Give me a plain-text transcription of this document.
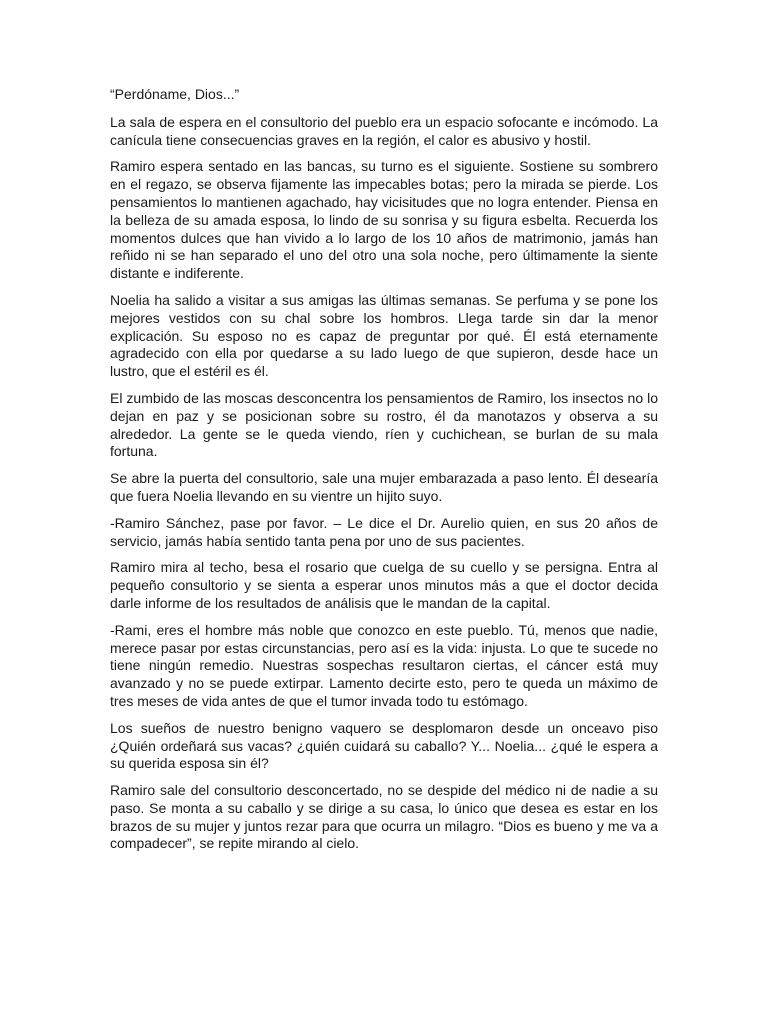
“Perdóname, Dios...”

La sala de espera en el consultorio del pueblo era un espacio sofocante e incómodo. La canícula tiene consecuencias graves en la región, el calor es abusivo y hostil.

Ramiro espera sentado en las bancas, su turno es el siguiente. Sostiene su sombrero en el regazo, se observa fijamente las impecables botas; pero la mirada se pierde. Los pensamientos lo mantienen agachado, hay vicisitudes que no logra entender. Piensa en la belleza de su amada esposa, lo lindo de su sonrisa y su figura esbelta. Recuerda los momentos dulces que han vivido a lo largo de los 10 años de matrimonio, jamás han reñido ni se han separado el uno del otro una sola noche, pero últimamente la siente distante e indiferente.

Noelia ha salido a visitar a sus amigas las últimas semanas. Se perfuma y se pone los mejores vestidos con su chal sobre los hombros. Llega tarde sin dar la menor explicación. Su esposo no es capaz de preguntar por qué. Él está eternamente agradecido con ella por quedarse a su lado luego de que supieron, desde hace un lustro, que el estéril es él.

El zumbido de las moscas desconcentra los pensamientos de Ramiro, los insectos no lo dejan en paz y se posicionan sobre su rostro, él da manotazos y observa a su alrededor. La gente se le queda viendo, ríen y cuchichean, se burlan de su mala fortuna.

Se abre la puerta del consultorio, sale una mujer embarazada a paso lento. Él desearía que fuera Noelia llevando en su vientre un hijito suyo.

-Ramiro Sánchez, pase por favor. – Le dice el Dr. Aurelio quien, en sus 20 años de servicio, jamás había sentido tanta pena por uno de sus pacientes.

Ramiro mira al techo, besa el rosario que cuelga de su cuello y se persigna. Entra al pequeño consultorio y se sienta a esperar unos minutos más a que el doctor decida darle informe de los resultados de análisis que le mandan de la capital.

-Rami, eres el hombre más noble que conozco en este pueblo. Tú, menos que nadie, merece pasar por estas circunstancias, pero así es la vida: injusta. Lo que te sucede no tiene ningún remedio. Nuestras sospechas resultaron ciertas, el cáncer está muy avanzado y no se puede extirpar. Lamento decirte esto, pero te queda un máximo de tres meses de vida antes de que el tumor invada todo tu estómago.

Los sueños de nuestro benigno vaquero se desplomaron desde un onceavo piso ¿Quién ordeñará sus vacas? ¿quién cuidará su caballo? Y... Noelia... ¿qué le espera a su querida esposa sin él?

Ramiro sale del consultorio desconcertado, no se despide del médico ni de nadie a su paso. Se monta a su caballo y se dirige a su casa, lo único que desea es estar en los brazos de su mujer y juntos rezar para que ocurra un milagro. “Dios es bueno y me va a compadecer”, se repite mirando al cielo.
